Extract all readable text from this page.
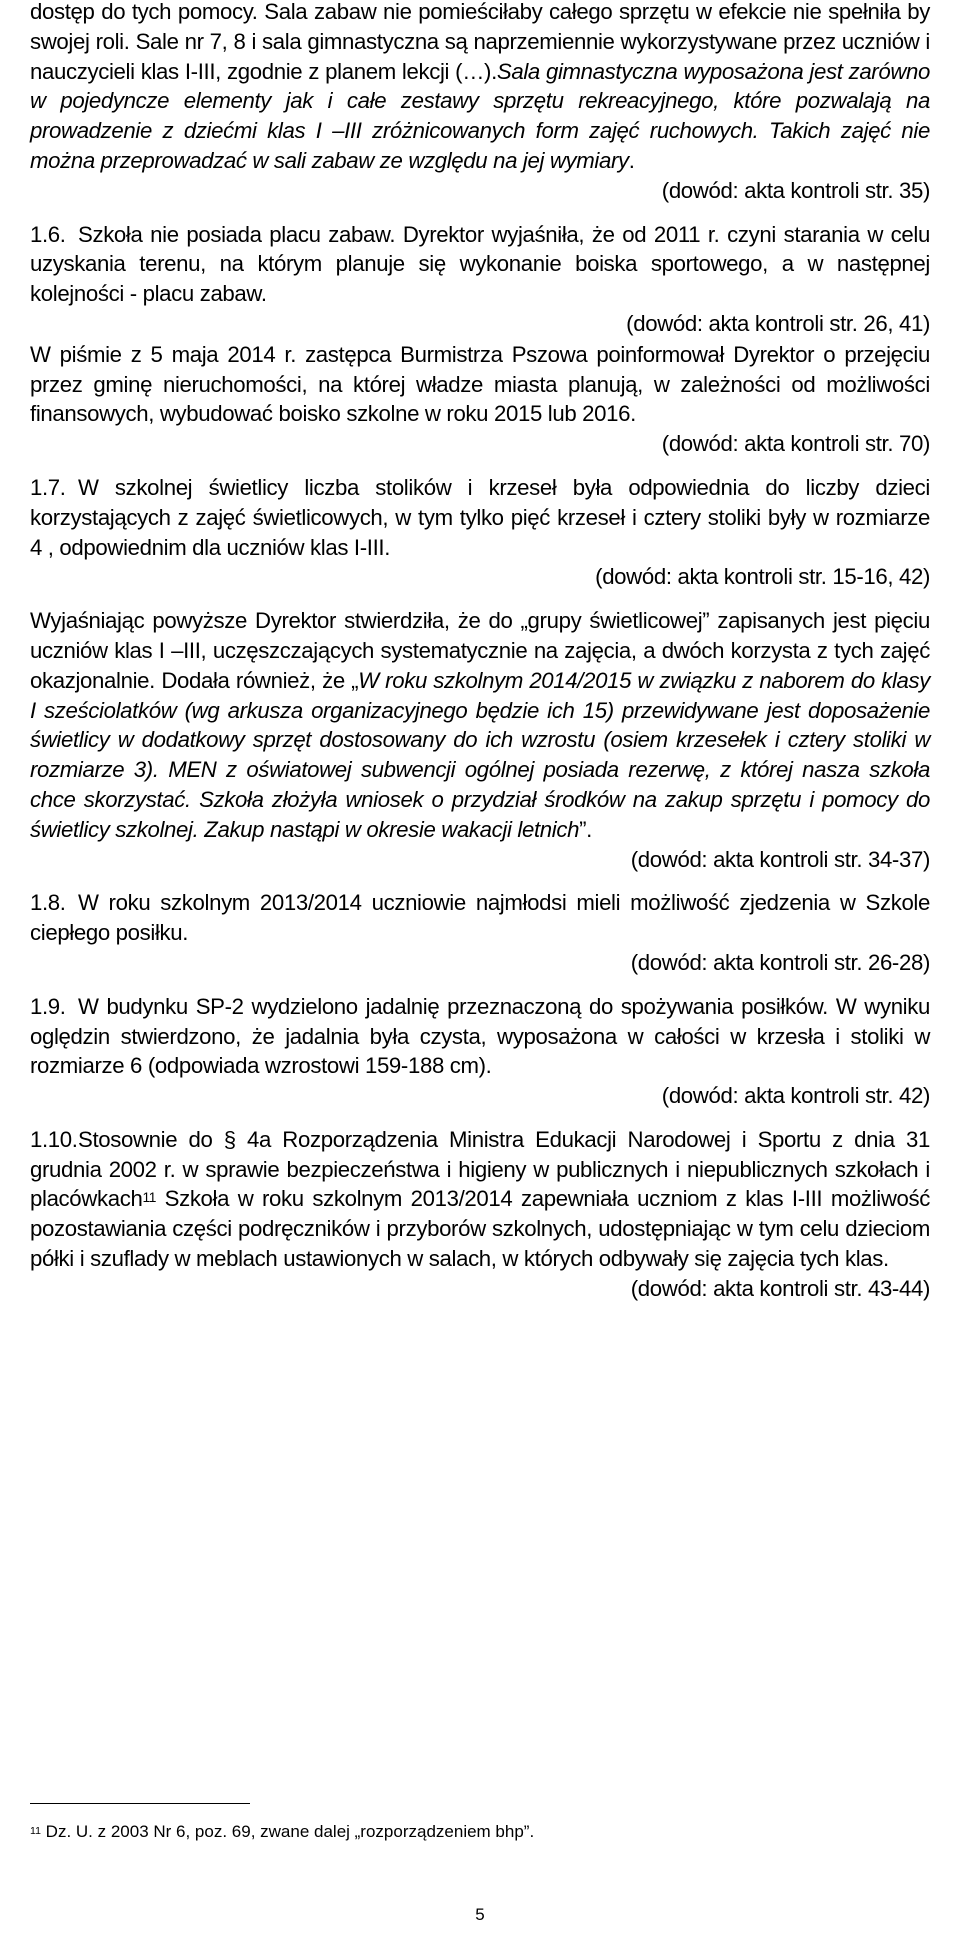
dostęp do tych pomocy. Sala zabaw nie pomieściłaby całego sprzętu w efekcie nie spełniła by swojej roli. Sale nr 7, 8 i sala gimnastyczna są naprzemiennie wykorzystywane przez uczniów i nauczycieli klas I-III, zgodnie z planem lekcji (…).Sala gimnastyczna wyposażona jest zarówno w pojedyncze elementy jak i całe zestawy sprzętu rekreacyjnego, które pozwalają na prowadzenie z dziećmi klas I –III zróżnicowanych form zajęć ruchowych. Takich zajęć nie można przeprowadzać w sali zabaw ze względu na jej wymiary.

(dowód: akta kontroli str. 35)

1.6. Szkoła nie posiada placu zabaw. Dyrektor wyjaśniła, że od 2011 r. czyni starania w celu uzyskania terenu, na którym planuje się wykonanie boiska sportowego, a w następnej kolejności - placu zabaw.

(dowód: akta kontroli str. 26, 41)

W piśmie z 5 maja 2014 r. zastępca Burmistrza Pszowa poinformował Dyrektor o przejęciu przez gminę nieruchomości, na której władze miasta planują, w zależności od możliwości finansowych, wybudować boisko szkolne w roku 2015 lub 2016.

(dowód: akta kontroli str. 70)

1.7. W szkolnej świetlicy liczba stolików i krzeseł była odpowiednia do liczby dzieci korzystających z zajęć świetlicowych, w tym tylko pięć krzeseł i cztery stoliki były w rozmiarze 4 , odpowiednim dla uczniów klas I-III.

(dowód: akta kontroli str. 15-16, 42)

Wyjaśniając powyższe Dyrektor stwierdziła, że do „grupy świetlicowej” zapisanych jest pięciu uczniów klas I –III, uczęszczających systematycznie na zajęcia, a dwóch korzysta z tych zajęć okazjonalnie. Dodała również, że „W roku szkolnym 2014/2015 w związku z naborem do klasy I sześciolatków (wg arkusza organizacyjnego będzie ich 15) przewidywane jest doposażenie świetlicy w dodatkowy sprzęt dostosowany do ich wzrostu (osiem krzesełek i cztery stoliki w rozmiarze 3). MEN z oświatowej subwencji ogólnej posiada rezerwę, z której nasza szkoła chce skorzystać. Szkoła złożyła wniosek o przydział środków na zakup sprzętu i pomocy do świetlicy szkolnej. Zakup nastąpi w okresie wakacji letnich”.

(dowód: akta kontroli str. 34-37)

1.8. W roku szkolnym 2013/2014 uczniowie najmłodsi mieli możliwość zjedzenia w Szkole ciepłego posiłku.

(dowód: akta kontroli str. 26-28)

1.9. W budynku SP-2 wydzielono jadalnię przeznaczoną do spożywania posiłków. W wyniku oględzin stwierdzono, że jadalnia była czysta, wyposażona w całości w krzesła i stoliki w rozmiarze 6 (odpowiada wzrostowi 159-188 cm).

(dowód: akta kontroli str. 42)

1.10.Stosownie do § 4a Rozporządzenia Ministra Edukacji Narodowej i Sportu z dnia 31 grudnia 2002 r. w sprawie bezpieczeństwa i higieny w publicznych i niepublicznych szkołach i placówkach$^{11}$ Szkoła w roku szkolnym 2013/2014 zapewniała uczniom z klas I-III możliwość pozostawiania części podręczników i przyborów szkolnych, udostępniając w tym celu dzieciom półki i szuflady w meblach ustawionych w salach, w których odbywały się zajęcia tych klas.

(dowód: akta kontroli str. 43-44)

$^{11}$ Dz. U. z 2003 Nr 6, poz. 69, zwane dalej „rozporządzeniem bhp”.
5
